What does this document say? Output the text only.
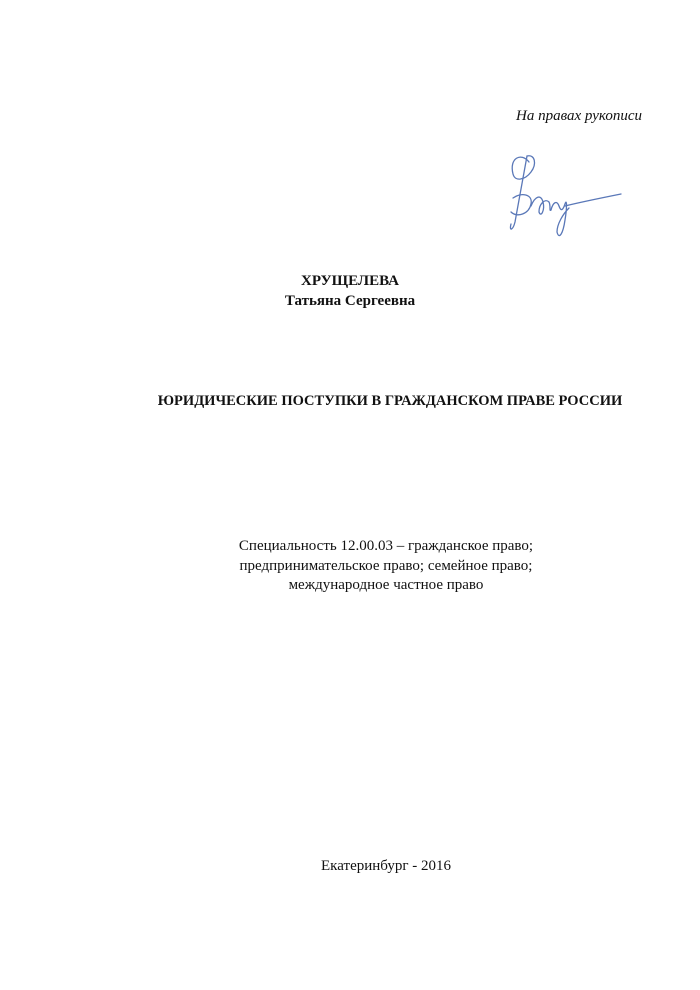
На правах рукописи
ХРУЩЕЛЕВА
Татьяна Сергеевна
ЮРИДИЧЕСКИЕ ПОСТУПКИ В ГРАЖДАНСКОМ ПРАВЕ РОССИИ
Специальность 12.00.03 – гражданское право;
предпринимательское право; семейное право;
международное частное право
Екатеринбург - 2016
